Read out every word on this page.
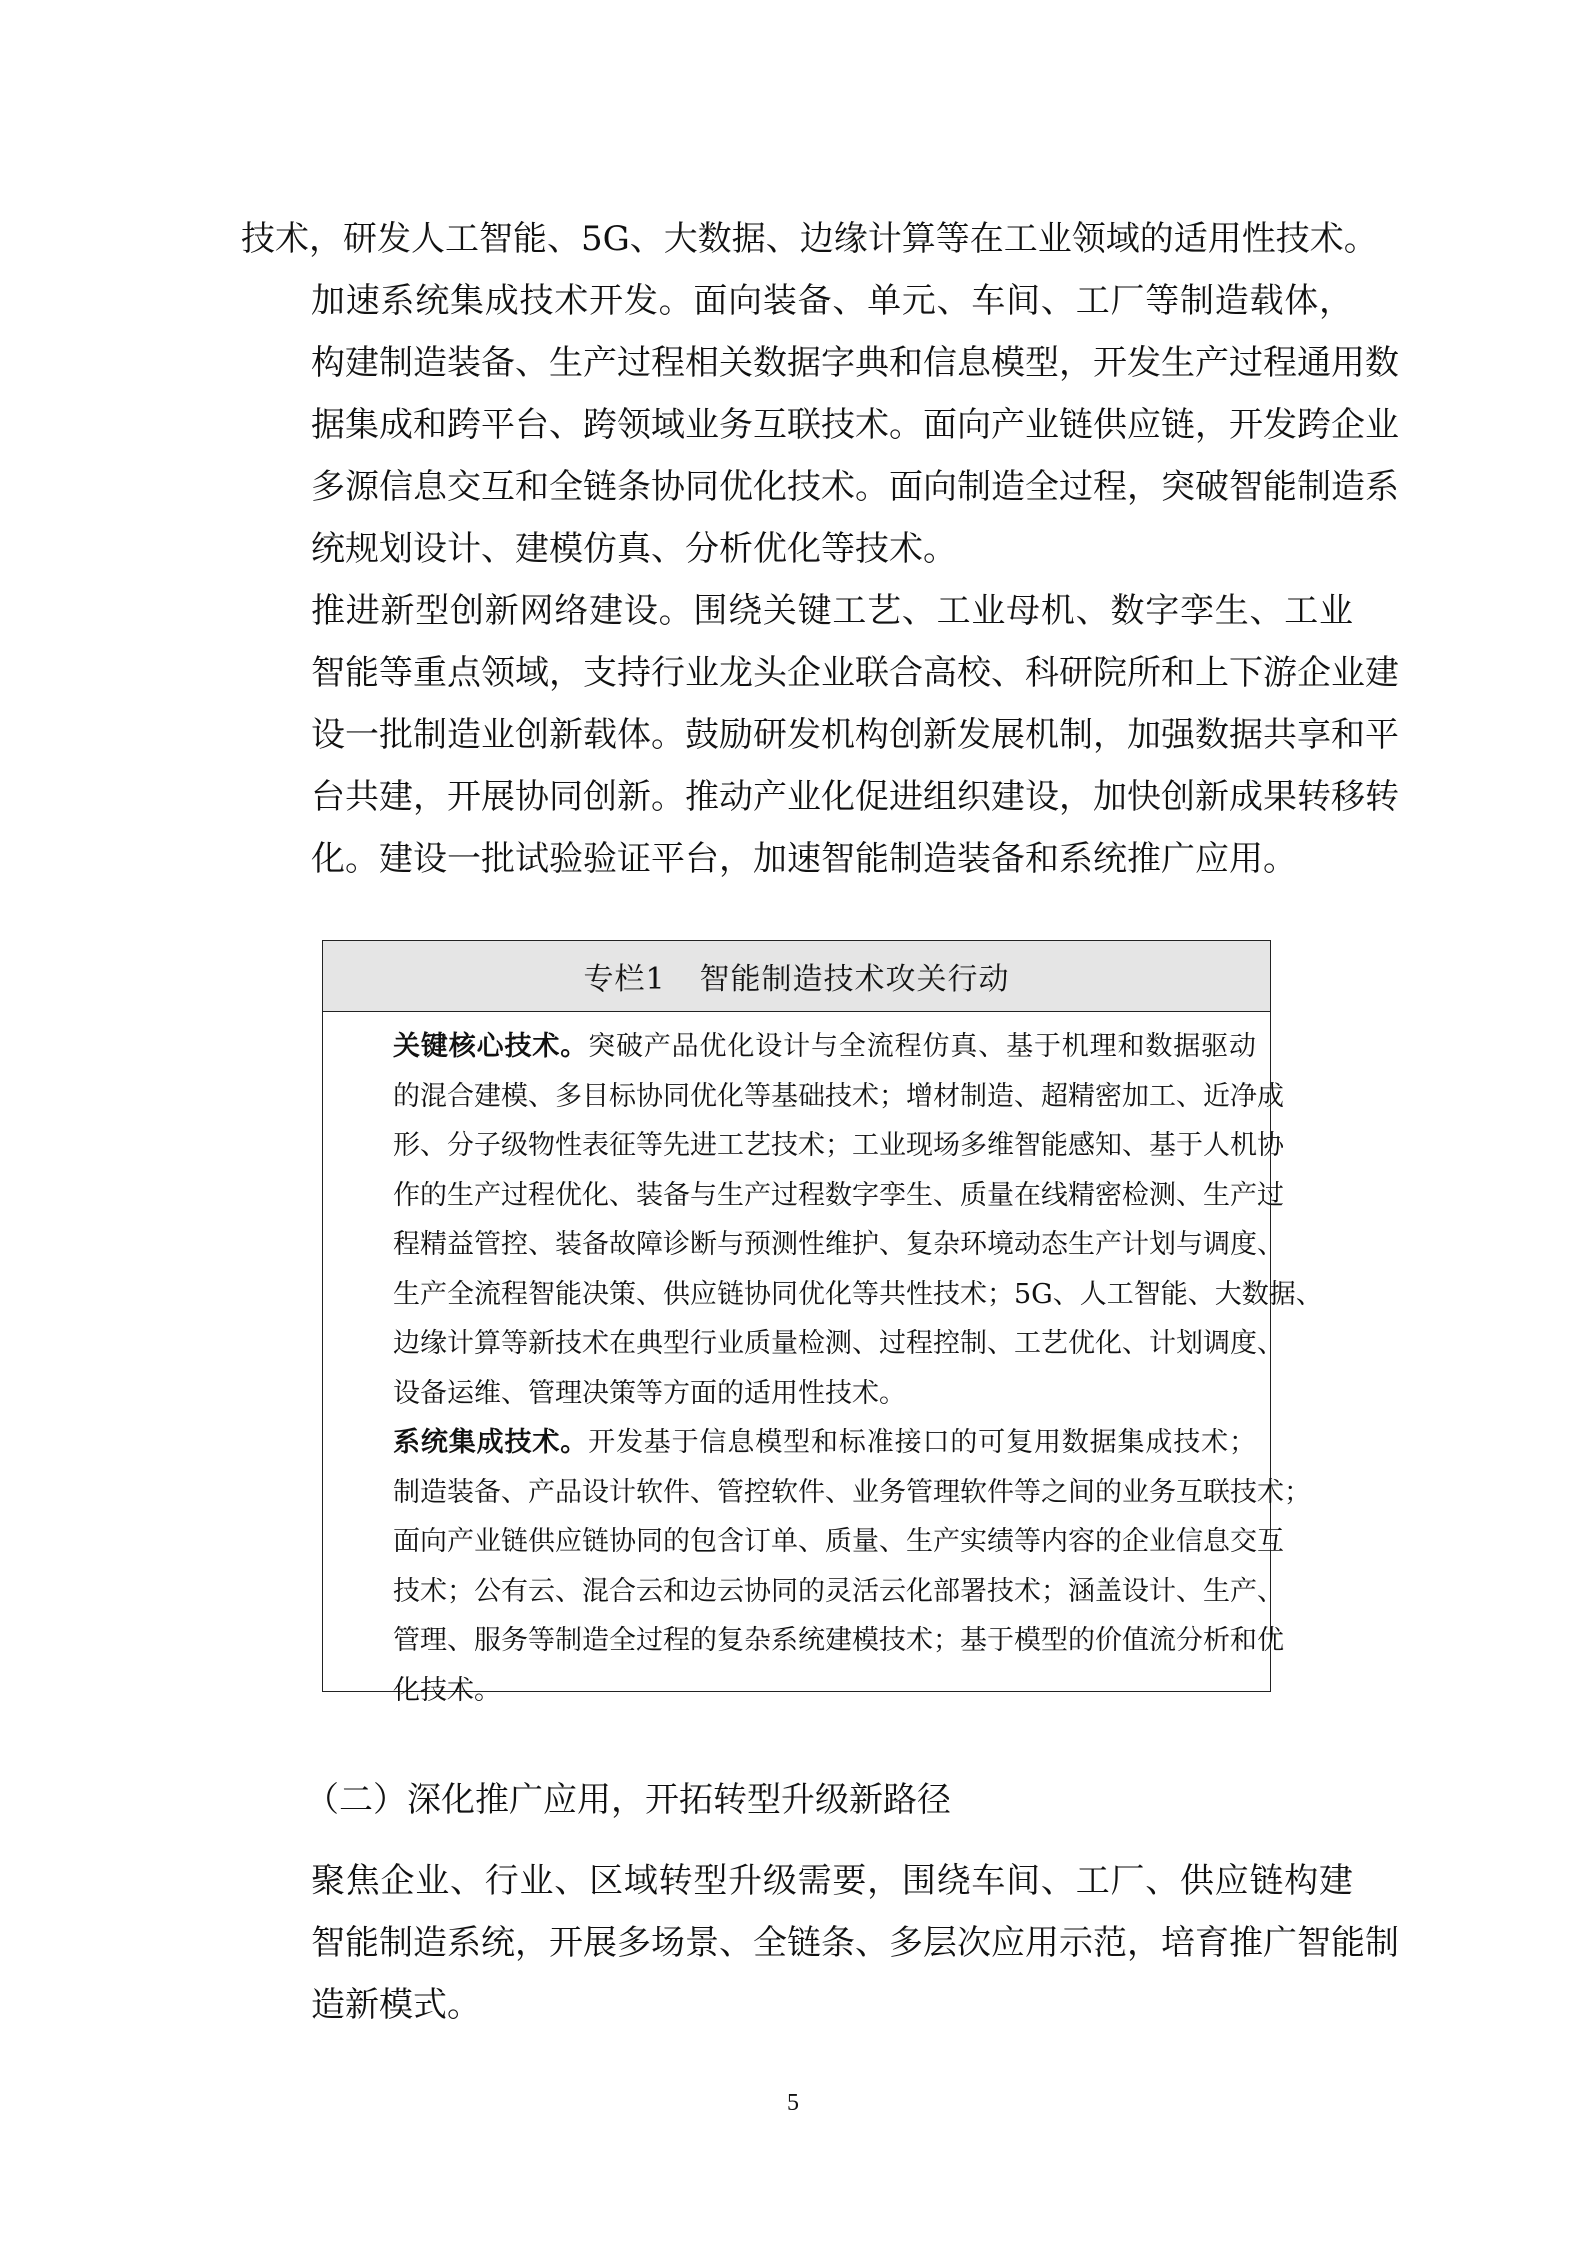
技术，研发人工智能、5G、大数据、边缘计算等在工业领域的适用性技术。

加速系统集成技术开发。面向装备、单元、车间、工厂等制造载体，
构建制造装备、生产过程相关数据字典和信息模型，开发生产过程通用数
据集成和跨平台、跨领域业务互联技术。面向产业链供应链，开发跨企业
多源信息交互和全链条协同优化技术。面向制造全过程，突破智能制造系
统规划设计、建模仿真、分析优化等技术。

推进新型创新网络建设。围绕关键工艺、工业母机、数字孪生、工业
智能等重点领域，支持行业龙头企业联合高校、科研院所和上下游企业建
设一批制造业创新载体。鼓励研发机构创新发展机制，加强数据共享和平
台共建，开展协同创新。推动产业化促进组织建设，加快创新成果转移转
化。建设一批试验验证平台，加速智能制造装备和系统推广应用。

专栏1 智能制造技术攻关行动

关键核心技术。突破产品优化设计与全流程仿真、基于机理和数据驱动
的混合建模、多目标协同优化等基础技术；增材制造、超精密加工、近净成
形、分子级物性表征等先进工艺技术；工业现场多维智能感知、基于人机协
作的生产过程优化、装备与生产过程数字孪生、质量在线精密检测、生产过
程精益管控、装备故障诊断与预测性维护、复杂环境动态生产计划与调度、
生产全流程智能决策、供应链协同优化等共性技术；5G、人工智能、大数据、
边缘计算等新技术在典型行业质量检测、过程控制、工艺优化、计划调度、
设备运维、管理决策等方面的适用性技术。

系统集成技术。开发基于信息模型和标准接口的可复用数据集成技术；
制造装备、产品设计软件、管控软件、业务管理软件等之间的业务互联技术；
面向产业链供应链协同的包含订单、质量、生产实绩等内容的企业信息交互
技术；公有云、混合云和边云协同的灵活云化部署技术；涵盖设计、生产、
管理、服务等制造全过程的复杂系统建模技术；基于模型的价值流分析和优
化技术。

（二）深化推广应用，开拓转型升级新路径

聚焦企业、行业、区域转型升级需要，围绕车间、工厂、供应链构建
智能制造系统，开展多场景、全链条、多层次应用示范，培育推广智能制
造新模式。

5
